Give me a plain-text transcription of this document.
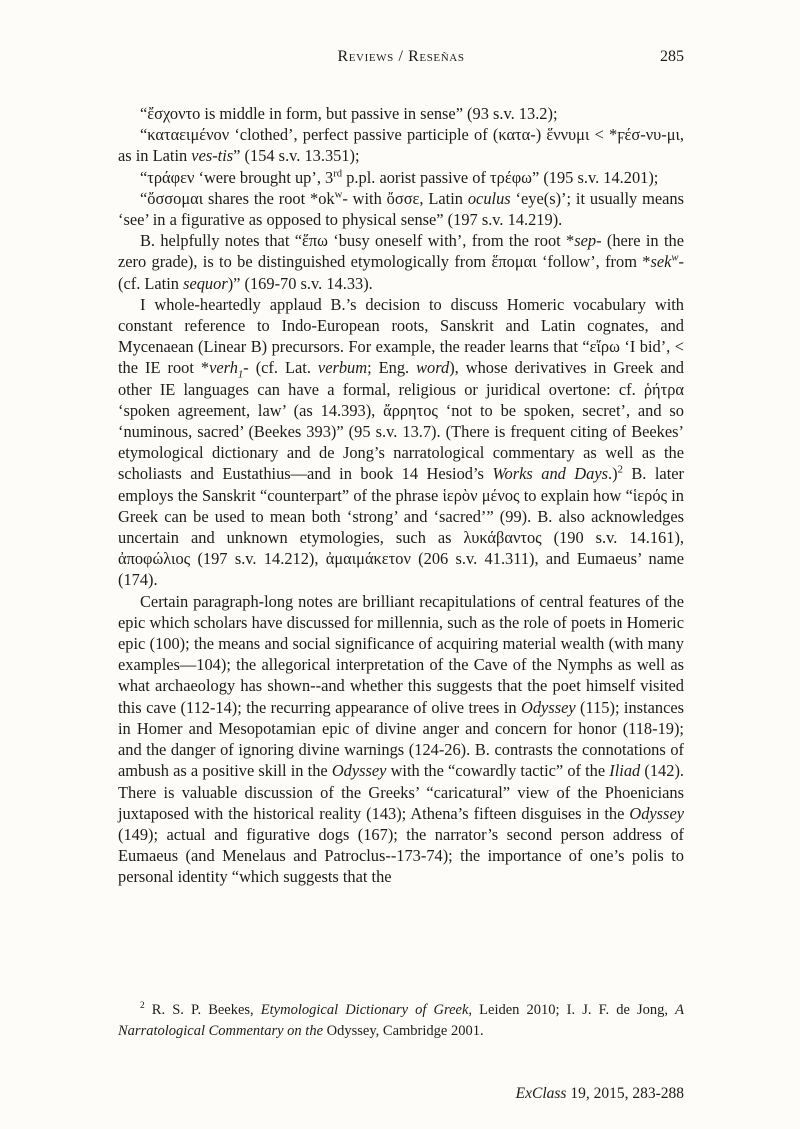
Reviews / Reseñas	285

“ἔσχοντο is middle in form, but passive in sense” (93 s.v. 13.2);

“καταειμένον ‘clothed’, perfect passive participle of (κατα-) ἕννυμι < *ϝέσ-νυ-μι, as in Latin ves-tis” (154 s.v. 13.351);

“τράφεν ‘were brought up’, 3rd p.pl. aorist passive of τρέφω” (195 s.v. 14.201);

“ὄσσομαι shares the root $*ok^w-$ with ὄσσε, Latin oculus ‘eye(s)’; it usually means ‘see’ in a figurative as opposed to physical sense” (197 s.v. 14.219).

B. helpfully notes that “ἕπω ‘busy oneself with’, from the root *sep- (here in the zero grade), is to be distinguished etymologically from ἕπομαι ‘follow’, from *sek$^w$- (cf. Latin sequor)” (169-70 s.v. 14.33).

I whole-heartedly applaud B.’s decision to discuss Homeric vocabulary with constant reference to Indo-European roots, Sanskrit and Latin cognates, and Mycenaean (Linear B) precursors. For example, the reader learns that “εἴρω ‘I bid’, < the IE root *verh$_1$- (cf. Lat. verbum; Eng. word), whose derivatives in Greek and other IE languages can have a formal, religious or juridical overtone: cf. ῥήτρα ‘spoken agreement, law’ (as 14.393), ἄρρητος ‘not to be spoken, secret’, and so ‘numinous, sacred’ (Beekes 393)” (95 s.v. 13.7). (There is frequent citing of Beekes’ etymological dictionary and de Jong’s narratological commentary as well as the scholiasts and Eustathius—and in book 14 Hesiod’s Works and Days.)$^2$ B. later employs the Sanskrit “counterpart” of the phrase ἱερὸν μένος to explain how “ἱερός in Greek can be used to mean both ‘strong’ and ‘sacred’” (99). B. also acknowledges uncertain and unknown etymologies, such as λυκάβαντος (190 s.v. 14.161), ἀποφώλιος (197 s.v. 14.212), ἀμαιμάκετον (206 s.v. 41.311), and Eumaeus’ name (174).

Certain paragraph-long notes are brilliant recapitulations of central features of the epic which scholars have discussed for millennia, such as the role of poets in Homeric epic (100); the means and social significance of acquiring material wealth (with many examples—104); the allegorical interpretation of the Cave of the Nymphs as well as what archaeology has shown--and whether this suggests that the poet himself visited this cave (112-14); the recurring appearance of olive trees in Odyssey (115); instances in Homer and Mesopotamian epic of divine anger and concern for honor (118-19); and the danger of ignoring divine warnings (124-26). B. contrasts the connotations of ambush as a positive skill in the Odyssey with the “cowardly tactic” of the Iliad (142). There is valuable discussion of the Greeks’ “caricatural” view of the Phoenicians juxtaposed with the historical reality (143); Athena’s fifteen disguises in the Odyssey (149); actual and figurative dogs (167); the narrator’s second person address of Eumaeus (and Menelaus and Patroclus--173-74); the importance of one’s polis to personal identity “which suggests that the

$^2$ R. S. P. Beekes, Etymological Dictionary of Greek, Leiden 2010; I. J. F. de Jong, A Narratological Commentary on the Odyssey, Cambridge 2001.

ExClass 19, 2015, 283-288
